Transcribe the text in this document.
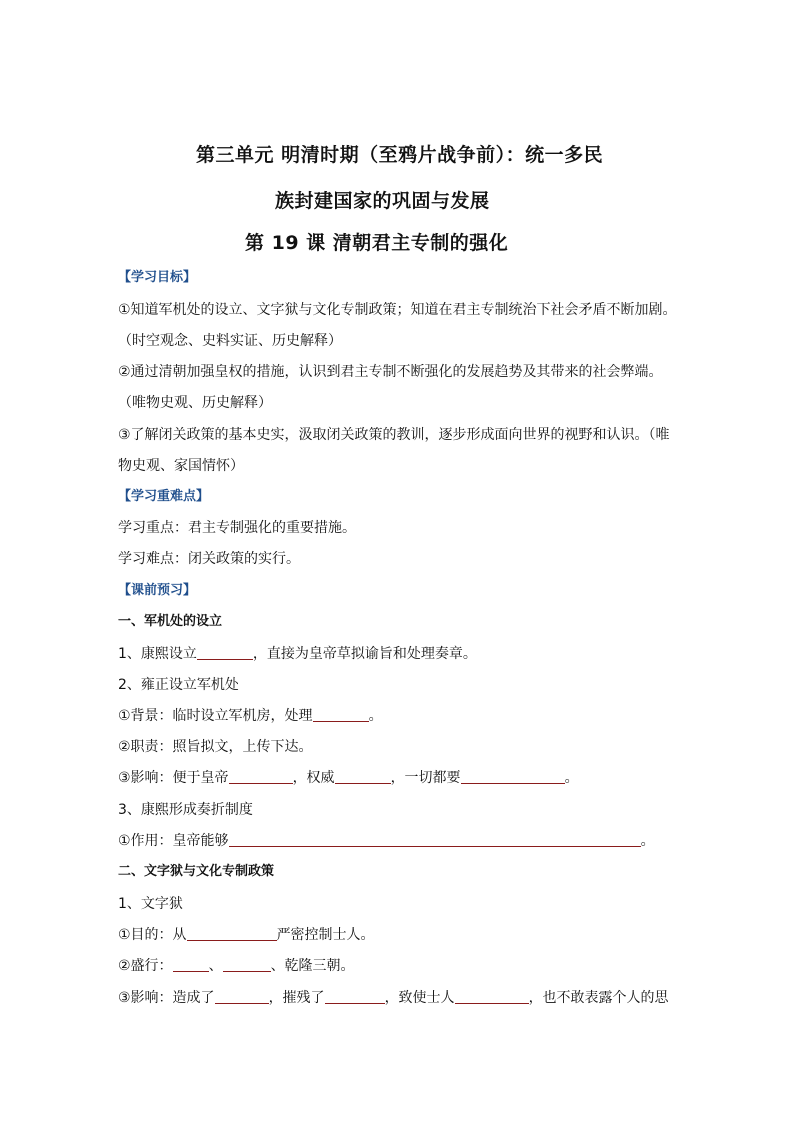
第三单元 明清时期（至鸦片战争前）：统一多民
族封建国家的巩固与发展
第 19 课 清朝君主专制的强化
【学习目标】
①知道军机处的设立、文字狱与文化专制政策；知道在君主专制统治下社会矛盾不断加剧。
（时空观念、史料实证、历史解释）
②通过清朝加强皇权的措施，认识到君主专制不断强化的发展趋势及其带来的社会弊端。
（唯物史观、历史解释）
③了解闭关政策的基本史实，汲取闭关政策的教训，逐步形成面向世界的视野和认识。（唯
物史观、家国情怀）
【学习重难点】
学习重点：君主专制强化的重要措施。
学习难点：闭关政策的实行。
【课前预习】
一、军机处的设立
1、康熙设立	，直接为皇帝草拟谕旨和处理奏章。
2、雍正设立军机处
①背景：临时设立军机房，处理	。
②职责：照旨拟文，上传下达。
③影响：便于皇帝	，权威	，一切都要	。
3、康熙形成奏折制度
①作用：皇帝能够	。
二、文字狱与文化专制政策
1、文字狱
①目的：从	严密控制士人。
②盛行：	、	、乾隆三朝。
③影响：造成了	，摧残了	，致使士人	，也不敢表露个人的思
